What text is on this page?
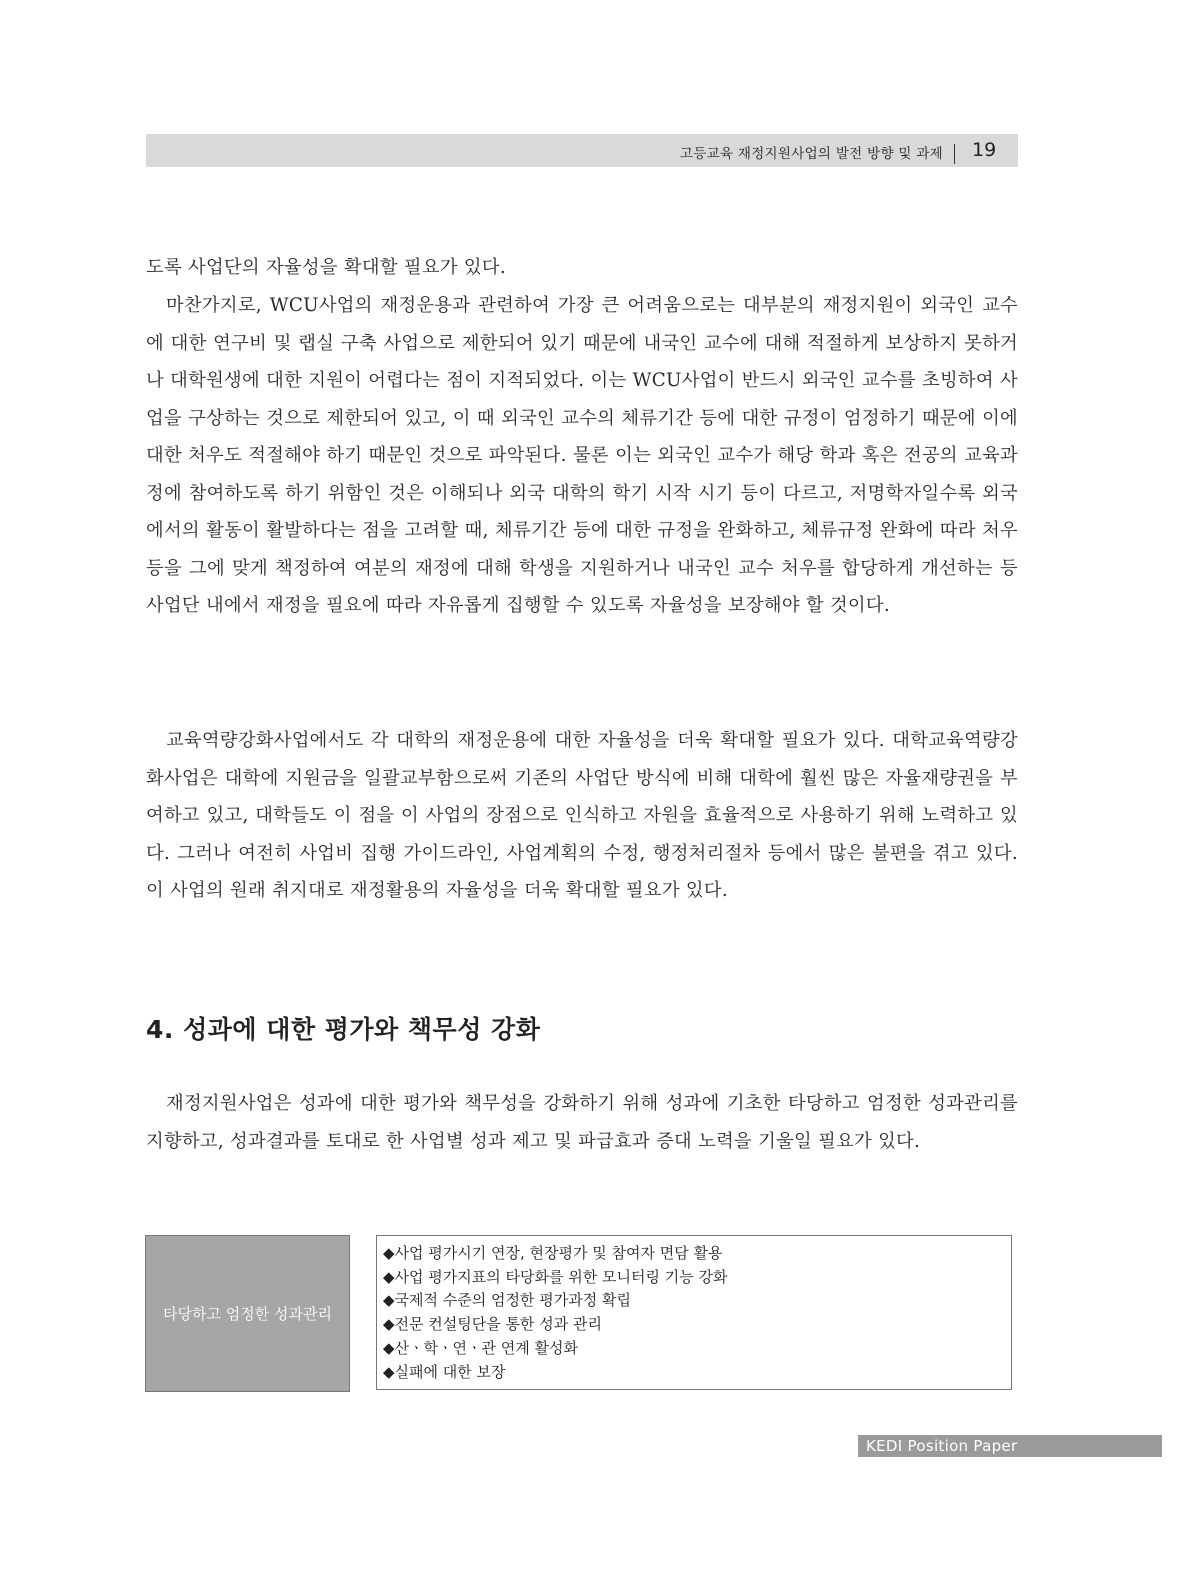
고등교육 재정지원사업의 발전 방향 및 과제 19

도록 사업단의 자율성을 확대할 필요가 있다.

마찬가지로, WCU사업의 재정운용과 관련하여 가장 큰 어려움으로는 대부분의 재정지원이 외국인 교수에 대한 연구비 및 랩실 구축 사업으로 제한되어 있기 때문에 내국인 교수에 대해 적절하게 보상하지 못하거나 대학원생에 대한 지원이 어렵다는 점이 지적되었다. 이는 WCU사업이 반드시 외국인 교수를 초빙하여 사업을 구상하는 것으로 제한되어 있고, 이 때 외국인 교수의 체류기간 등에 대한 규정이 엄정하기 때문에 이에 대한 처우도 적절해야 하기 때문인 것으로 파악된다. 물론 이는 외국인 교수가 해당 학과 혹은 전공의 교육과정에 참여하도록 하기 위함인 것은 이해되나 외국 대학의 학기 시작 시기 등이 다르고, 저명학자일수록 외국에서의 활동이 활발하다는 점을 고려할 때, 체류기간 등에 대한 규정을 완화하고, 체류규정 완화에 따라 처우 등을 그에 맞게 책정하여 여분의 재정에 대해 학생을 지원하거나 내국인 교수 처우를 합당하게 개선하는 등 사업단 내에서 재정을 필요에 따라 자유롭게 집행할 수 있도록 자율성을 보장해야 할 것이다.

교육역량강화사업에서도 각 대학의 재정운용에 대한 자율성을 더욱 확대할 필요가 있다. 대학교육역량강화사업은 대학에 지원금을 일괄교부함으로써 기존의 사업단 방식에 비해 대학에 훨씬 많은 자율재량권을 부여하고 있고, 대학들도 이 점을 이 사업의 장점으로 인식하고 자원을 효율적으로 사용하기 위해 노력하고 있다. 그러나 여전히 사업비 집행 가이드라인, 사업계획의 수정, 행정처리절차 등에서 많은 불편을 겪고 있다. 이 사업의 원래 취지대로 재정활용의 자율성을 더욱 확대할 필요가 있다.

4. 성과에 대한 평가와 책무성 강화

재정지원사업은 성과에 대한 평가와 책무성을 강화하기 위해 성과에 기초한 타당하고 엄정한 성과관리를 지향하고, 성과결과를 토대로 한 사업별 성과 제고 및 파급효과 증대 노력을 기울일 필요가 있다.

타당하고 엄정한 성과관리
◆사업 평가시기 연장, 현장평가 및 참여자 면담 활용
◆사업 평가지표의 타당화를 위한 모니터링 기능 강화
◆국제적 수준의 엄정한 평가과정 확립
◆전문 컨설팅단을 통한 성과 관리
◆산ㆍ학ㆍ연ㆍ관 연계 활성화
◆실패에 대한 보장
KEDI Position Paper
